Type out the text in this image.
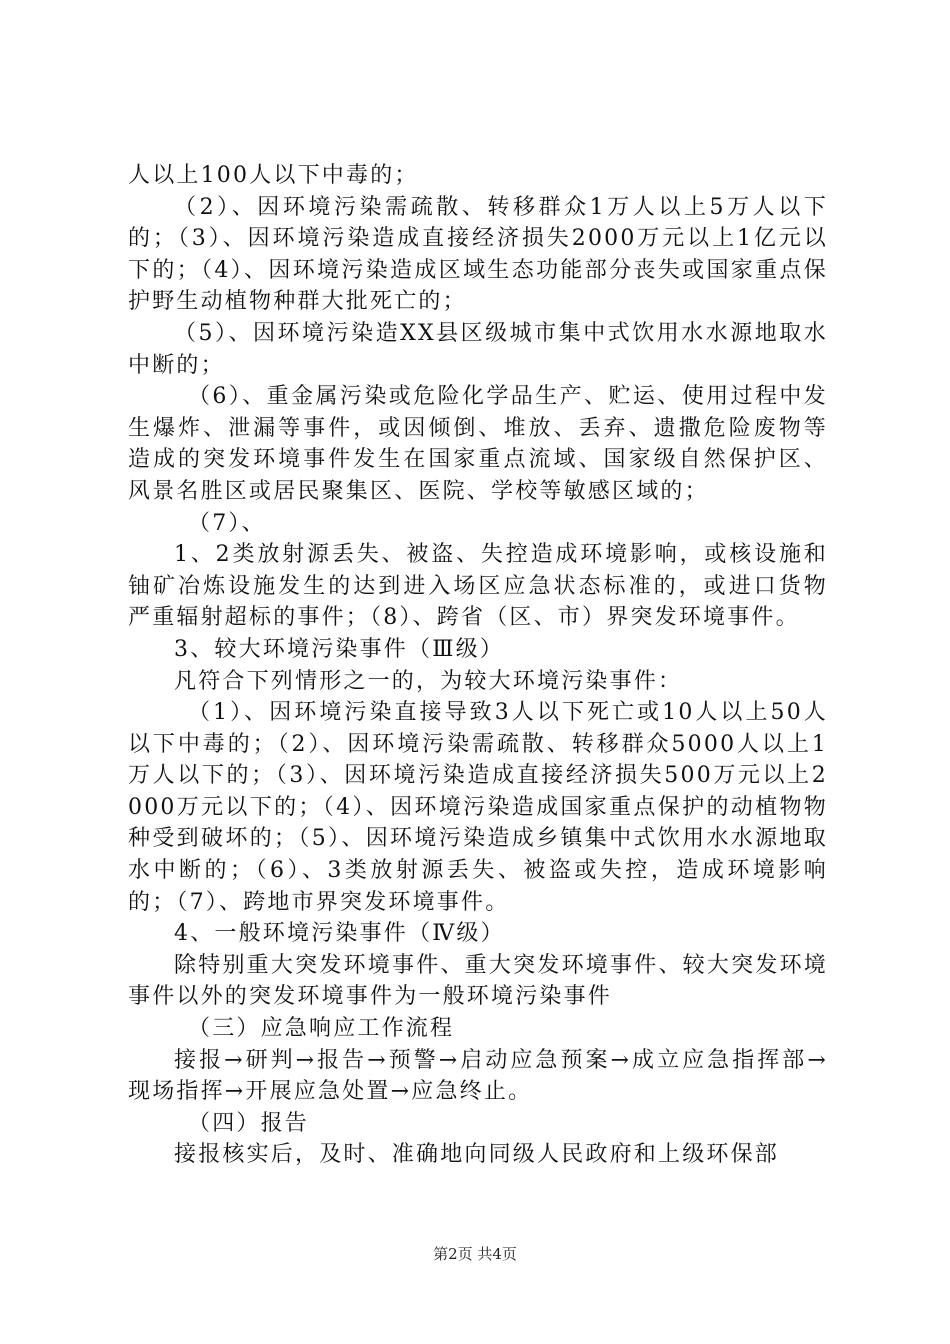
人以上100人以下中毒的；

（2）、因环境污染需疏散、转移群众1万人以上5万人以下的；（3）、因环境污染造成直接经济损失2000万元以上1亿元以下的；（4）、因环境污染造成区域生态功能部分丧失或国家重点保护野生动植物种群大批死亡的；

（5）、因环境污染造XX县区级城市集中式饮用水水源地取水中断的；

（6）、重金属污染或危险化学品生产、贮运、使用过程中发生爆炸、泄漏等事件，或因倾倒、堆放、丢弃、遗撒危险废物等造成的突发环境事件发生在国家重点流域、国家级自然保护区、风景名胜区或居民聚集区、医院、学校等敏感区域的；

（7）、

1、2类放射源丢失、被盗、失控造成环境影响，或核设施和铀矿冶炼设施发生的达到进入场区应急状态标准的，或进口货物严重辐射超标的事件；（8）、跨省（区、市）界突发环境事件。

3、较大环境污染事件（Ⅲ级）

凡符合下列情形之一的，为较大环境污染事件：

（1）、因环境污染直接导致3人以下死亡或10人以上50人以下中毒的；（2）、因环境污染需疏散、转移群众5000人以上1万人以下的；（3）、因环境污染造成直接经济损失500万元以上2000万元以下的；（4）、因环境污染造成国家重点保护的动植物物种受到破坏的；（5）、因环境污染造成乡镇集中式饮用水水源地取水中断的；（6）、3类放射源丢失、被盗或失控，造成环境影响的；（7）、跨地市界突发环境事件。

4、一般环境污染事件（Ⅳ级）

除特别重大突发环境事件、重大突发环境事件、较大突发环境事件以外的突发环境事件为一般环境污染事件

（三）应急响应工作流程

接报→研判→报告→预警→启动应急预案→成立应急指挥部→现场指挥→开展应急处置→应急终止。

（四）报告

接报核实后，及时、准确地向同级人民政府和上级环保部

第2页 共4页
